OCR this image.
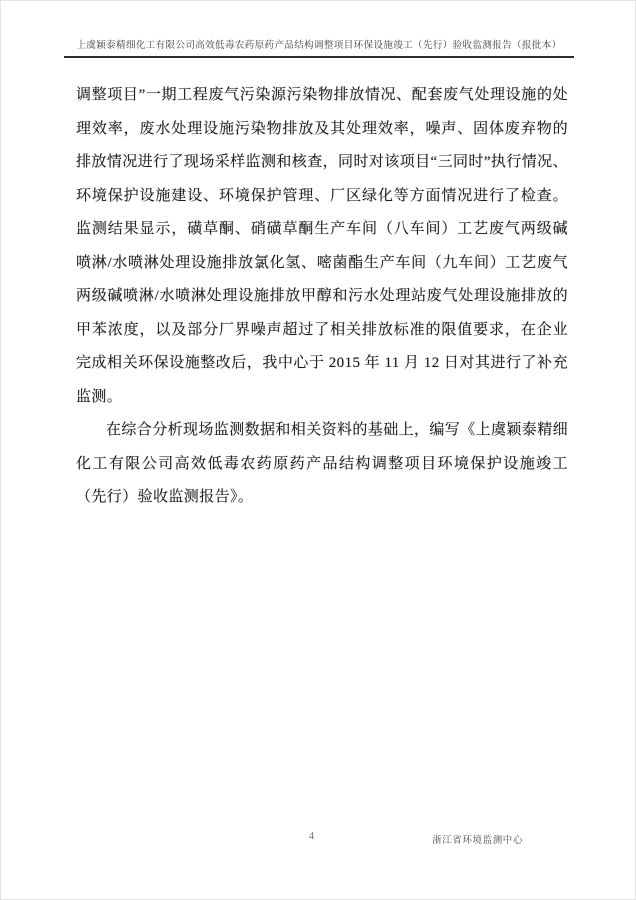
上虞颖泰精细化工有限公司高效低毒农药原药产品结构调整项目环保设施竣工（先行）验收监测报告（报批本）

调整项目”一期工程废气污染源污染物排放情况、配套废气处理设施的处理效率，废水处理设施污染物排放及其处理效率，噪声、固体废弃物的排放情况进行了现场采样监测和核查，同时对该项目“三同时”执行情况、环境保护设施建设、环境保护管理、厂区绿化等方面情况进行了检查。监测结果显示，磺草酮、硝磺草酮生产车间（八车间）工艺废气两级碱喷淋/水喷淋处理设施排放氯化氢、嘧菌酯生产车间（九车间）工艺废气两级碱喷淋/水喷淋处理设施排放甲醇和污水处理站废气处理设施排放的甲苯浓度，以及部分厂界噪声超过了相关排放标准的限值要求，在企业完成相关环保设施整改后，我中心于 2015 年 11 月 12 日对其进行了补充监测。

在综合分析现场监测数据和相关资料的基础上，编写《上虞颖泰精细化工有限公司高效低毒农药原药产品结构调整项目环境保护设施竣工（先行）验收监测报告》。

4	浙江省环境监测中心
